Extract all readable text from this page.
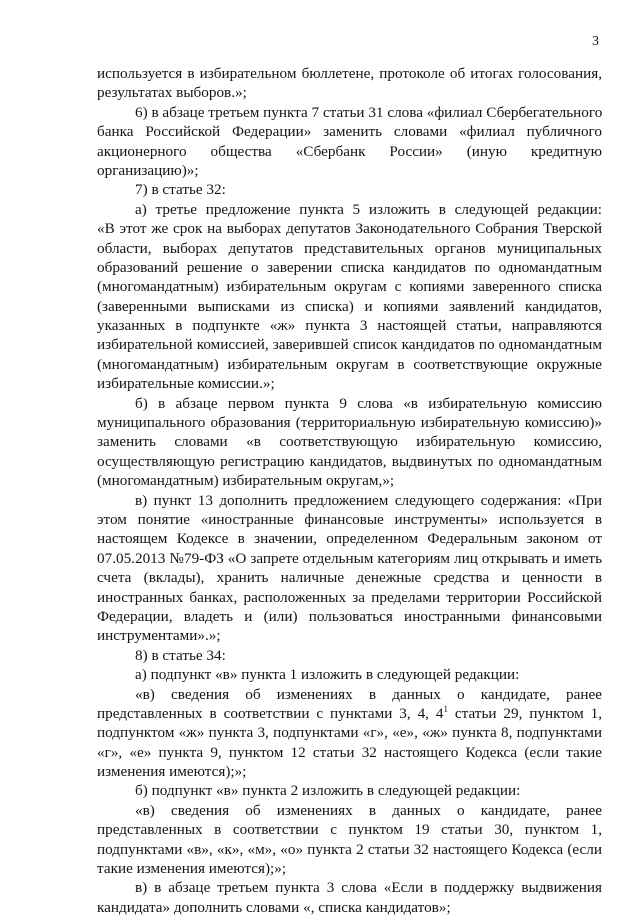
3
используется в избирательном бюллетене, протоколе об итогах голосования,
результатах выборов.»;
6) в абзаце третьем пункта 7 статьи 31 слова «филиал Сбербегательного
банка Российской Федерации» заменить словами «филиал публичного
акционерного общества «Сбербанк России» (иную кредитную
организацию)»;
7) в статье 32:
а) третье предложение пункта 5 изложить в следующей редакции:
«В этот же срок на выборах депутатов Законодательного Собрания Тверской
области, выборах депутатов представительных органов муниципальных
образований решение о заверении списка кандидатов по одномандатным
(многомандатным) избирательным округам с копиями заверенного списка
(заверенными выписками из списка) и копиями заявлений кандидатов,
указанных в подпункте «ж» пункта 3 настоящей статьи, направляются
избирательной комиссией, заверившей список кандидатов по одномандатным
(многомандатным) избирательным округам в соответствующие окружные
избирательные комиссии.»;
б) в абзаце первом пункта 9 слова «в избирательную комиссию
муниципального образования (территориальную избирательную комиссию)»
заменить словами «в соответствующую избирательную комиссию,
осуществляющую регистрацию кандидатов, выдвинутых по одномандатным
(многомандатным) избирательным округам,»;
в) пункт 13 дополнить предложением следующего содержания: «При
этом понятие «иностранные финансовые инструменты» используется в
настоящем Кодексе в значении, определенном Федеральным законом от
07.05.2013 №79-ФЗ «О запрете отдельным категориям лиц открывать и иметь
счета (вклады), хранить наличные денежные средства и ценности в
иностранных банках, расположенных за пределами территории Российской
Федерации, владеть и (или) пользоваться иностранными финансовыми
инструментами».»;
8) в статье 34:
а) подпункт «в» пункта 1 изложить в следующей редакции:
«в) сведения об изменениях в данных о кандидате, ранее
представленных в соответствии с пунктами 3, 4, $4^1$ статьи 29, пунктом 1,
подпунктом «ж» пункта 3, подпунктами «г», «е», «ж» пункта 8, подпунктами
«г», «е» пункта 9, пунктом 12 статьи 32 настоящего Кодекса (если такие
изменения имеются);»;
б) подпункт «в» пункта 2 изложить в следующей редакции:
«в) сведения об изменениях в данных о кандидате, ранее
представленных в соответствии с пунктом 19 статьи 30, пунктом 1,
подпунктами «в», «к», «м», «о» пункта 2 статьи 32 настоящего Кодекса (если
такие изменения имеются);»;
в) в абзаце третьем пункта 3 слова «Если в поддержку выдвижения
кандидата» дополнить словами «, списка кандидатов»;
